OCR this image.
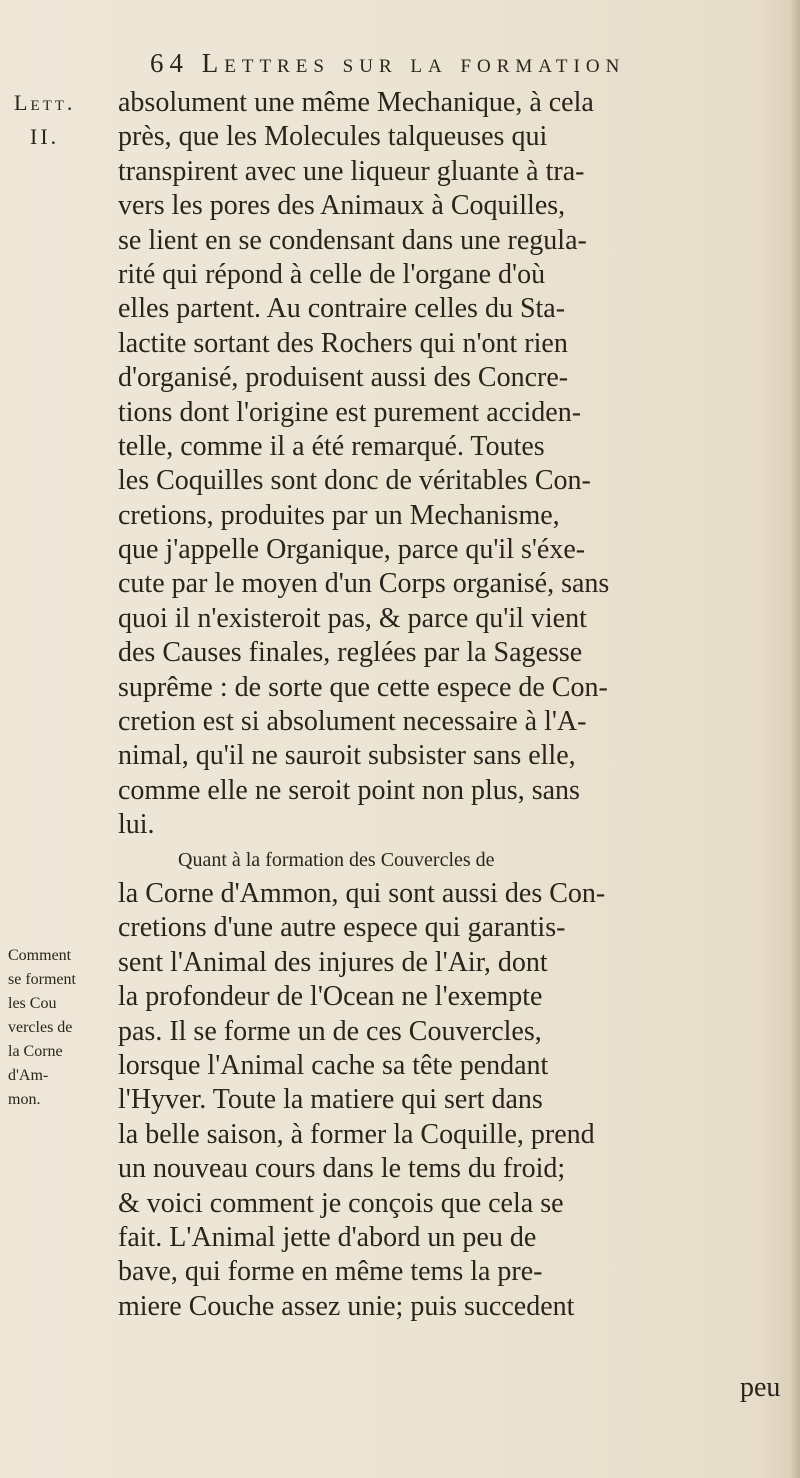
64 Lettres sur la formation
Lett.
II.
Comment
se forment
les Cou
vercles de
la Corne
d'Am-
mon.
absolument une même Mechanique, à cela
près, que les Molecules talqueuses qui
transpirent avec une liqueur gluante à tra-
vers les pores des Animaux à Coquilles,
se lient en se condensant dans une regula-
rité qui répond à celle de l'organe d'où
elles partent. Au contraire celles du Sta-
lactite sortant des Rochers qui n'ont rien
d'organisé, produisent aussi des Concre-
tions dont l'origine est purement acciden-
telle, comme il a été remarqué. Toutes
les Coquilles sont donc de véritables Con-
cretions, produites par un Mechanisme,
que j'appelle Organique, parce qu'il s'éxe-
cute par le moyen d'un Corps organisé, sans
quoi il n'existeroit pas, & parce qu'il vient
des Causes finales, reglées par la Sagesse
suprême : de sorte que cette espece de Con-
cretion est si absolument necessaire à l'A-
nimal, qu'il ne sauroit subsister sans elle,
comme elle ne seroit point non plus, sans
lui.
Quant à la formation des Couvercles de
la Corne d'Ammon, qui sont aussi des Con-
cretions d'une autre espece qui garantis-
sent l'Animal des injures de l'Air, dont
la profondeur de l'Ocean ne l'exempte
pas. Il se forme un de ces Couvercles,
lorsque l'Animal cache sa tête pendant
l'Hyver. Toute la matiere qui sert dans
la belle saison, à former la Coquille, prend
un nouveau cours dans le tems du froid;
& voici comment je conçois que cela se
fait. L'Animal jette d'abord un peu de
bave, qui forme en même tems la pre-
miere Couche assez unie; puis succedent
peu
